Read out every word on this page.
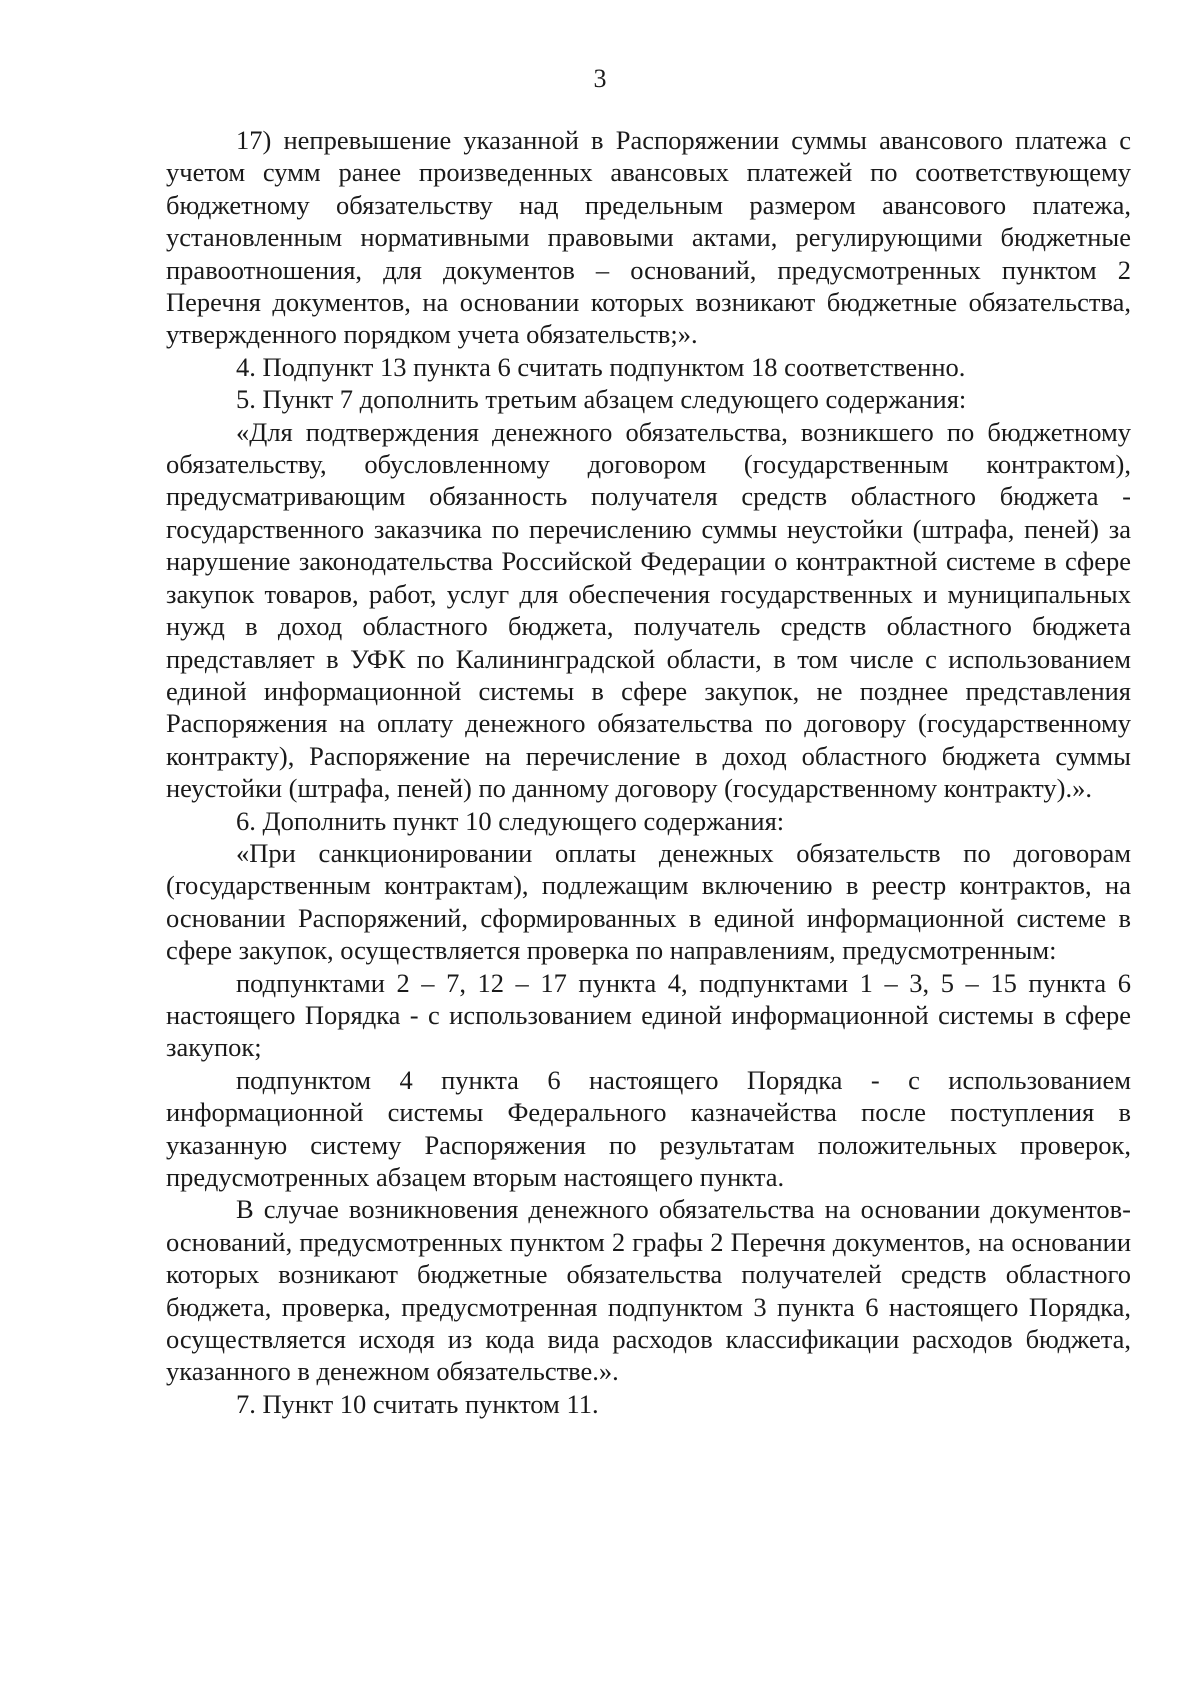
3

17) непревышение указанной в Распоряжении суммы авансового платежа с учетом сумм ранее произведенных авансовых платежей по соответствующему бюджетному обязательству над предельным размером авансового платежа, установленным нормативными правовыми актами, регулирующими бюджетные правоотношения, для документов – оснований, предусмотренных пунктом 2 Перечня документов, на основании которых возникают бюджетные обязательства, утвержденного порядком учета обязательств;».

4. Подпункт 13 пункта 6 считать подпунктом 18 соответственно.

5. Пункт 7 дополнить третьим абзацем следующего содержания:

«Для подтверждения денежного обязательства, возникшего по бюджетному обязательству, обусловленному договором (государственным контрактом), предусматривающим обязанность получателя средств областного бюджета - государственного заказчика по перечислению суммы неустойки (штрафа, пеней) за нарушение законодательства Российской Федерации о контрактной системе в сфере закупок товаров, работ, услуг для обеспечения государственных и муниципальных нужд в доход областного бюджета, получатель средств областного бюджета представляет в УФК по Калининградской области, в том числе с использованием единой информационной системы в сфере закупок, не позднее представления Распоряжения на оплату денежного обязательства по договору (государственному контракту), Распоряжение на перечисление в доход областного бюджета суммы неустойки (штрафа, пеней) по данному договору (государственному контракту).».

6. Дополнить пункт 10 следующего содержания:

«При санкционировании оплаты денежных обязательств по договорам (государственным контрактам), подлежащим включению в реестр контрактов, на основании Распоряжений, сформированных в единой информационной системе в сфере закупок, осуществляется проверка по направлениям, предусмотренным:

подпунктами 2 – 7, 12 – 17 пункта 4, подпунктами 1 – 3, 5 – 15 пункта 6 настоящего Порядка - с использованием единой информационной системы в сфере закупок;

подпунктом 4 пункта 6 настоящего Порядка - с использованием информационной системы Федерального казначейства после поступления в указанную систему Распоряжения по результатам положительных проверок, предусмотренных абзацем вторым настоящего пункта.

В случае возникновения денежного обязательства на основании документов-оснований, предусмотренных пунктом 2 графы 2 Перечня документов, на основании которых возникают бюджетные обязательства получателей средств областного бюджета, проверка, предусмотренная подпунктом 3 пункта 6 настоящего Порядка, осуществляется исходя из кода вида расходов классификации расходов бюджета, указанного в денежном обязательстве.».

7. Пункт 10 считать пунктом 11.
